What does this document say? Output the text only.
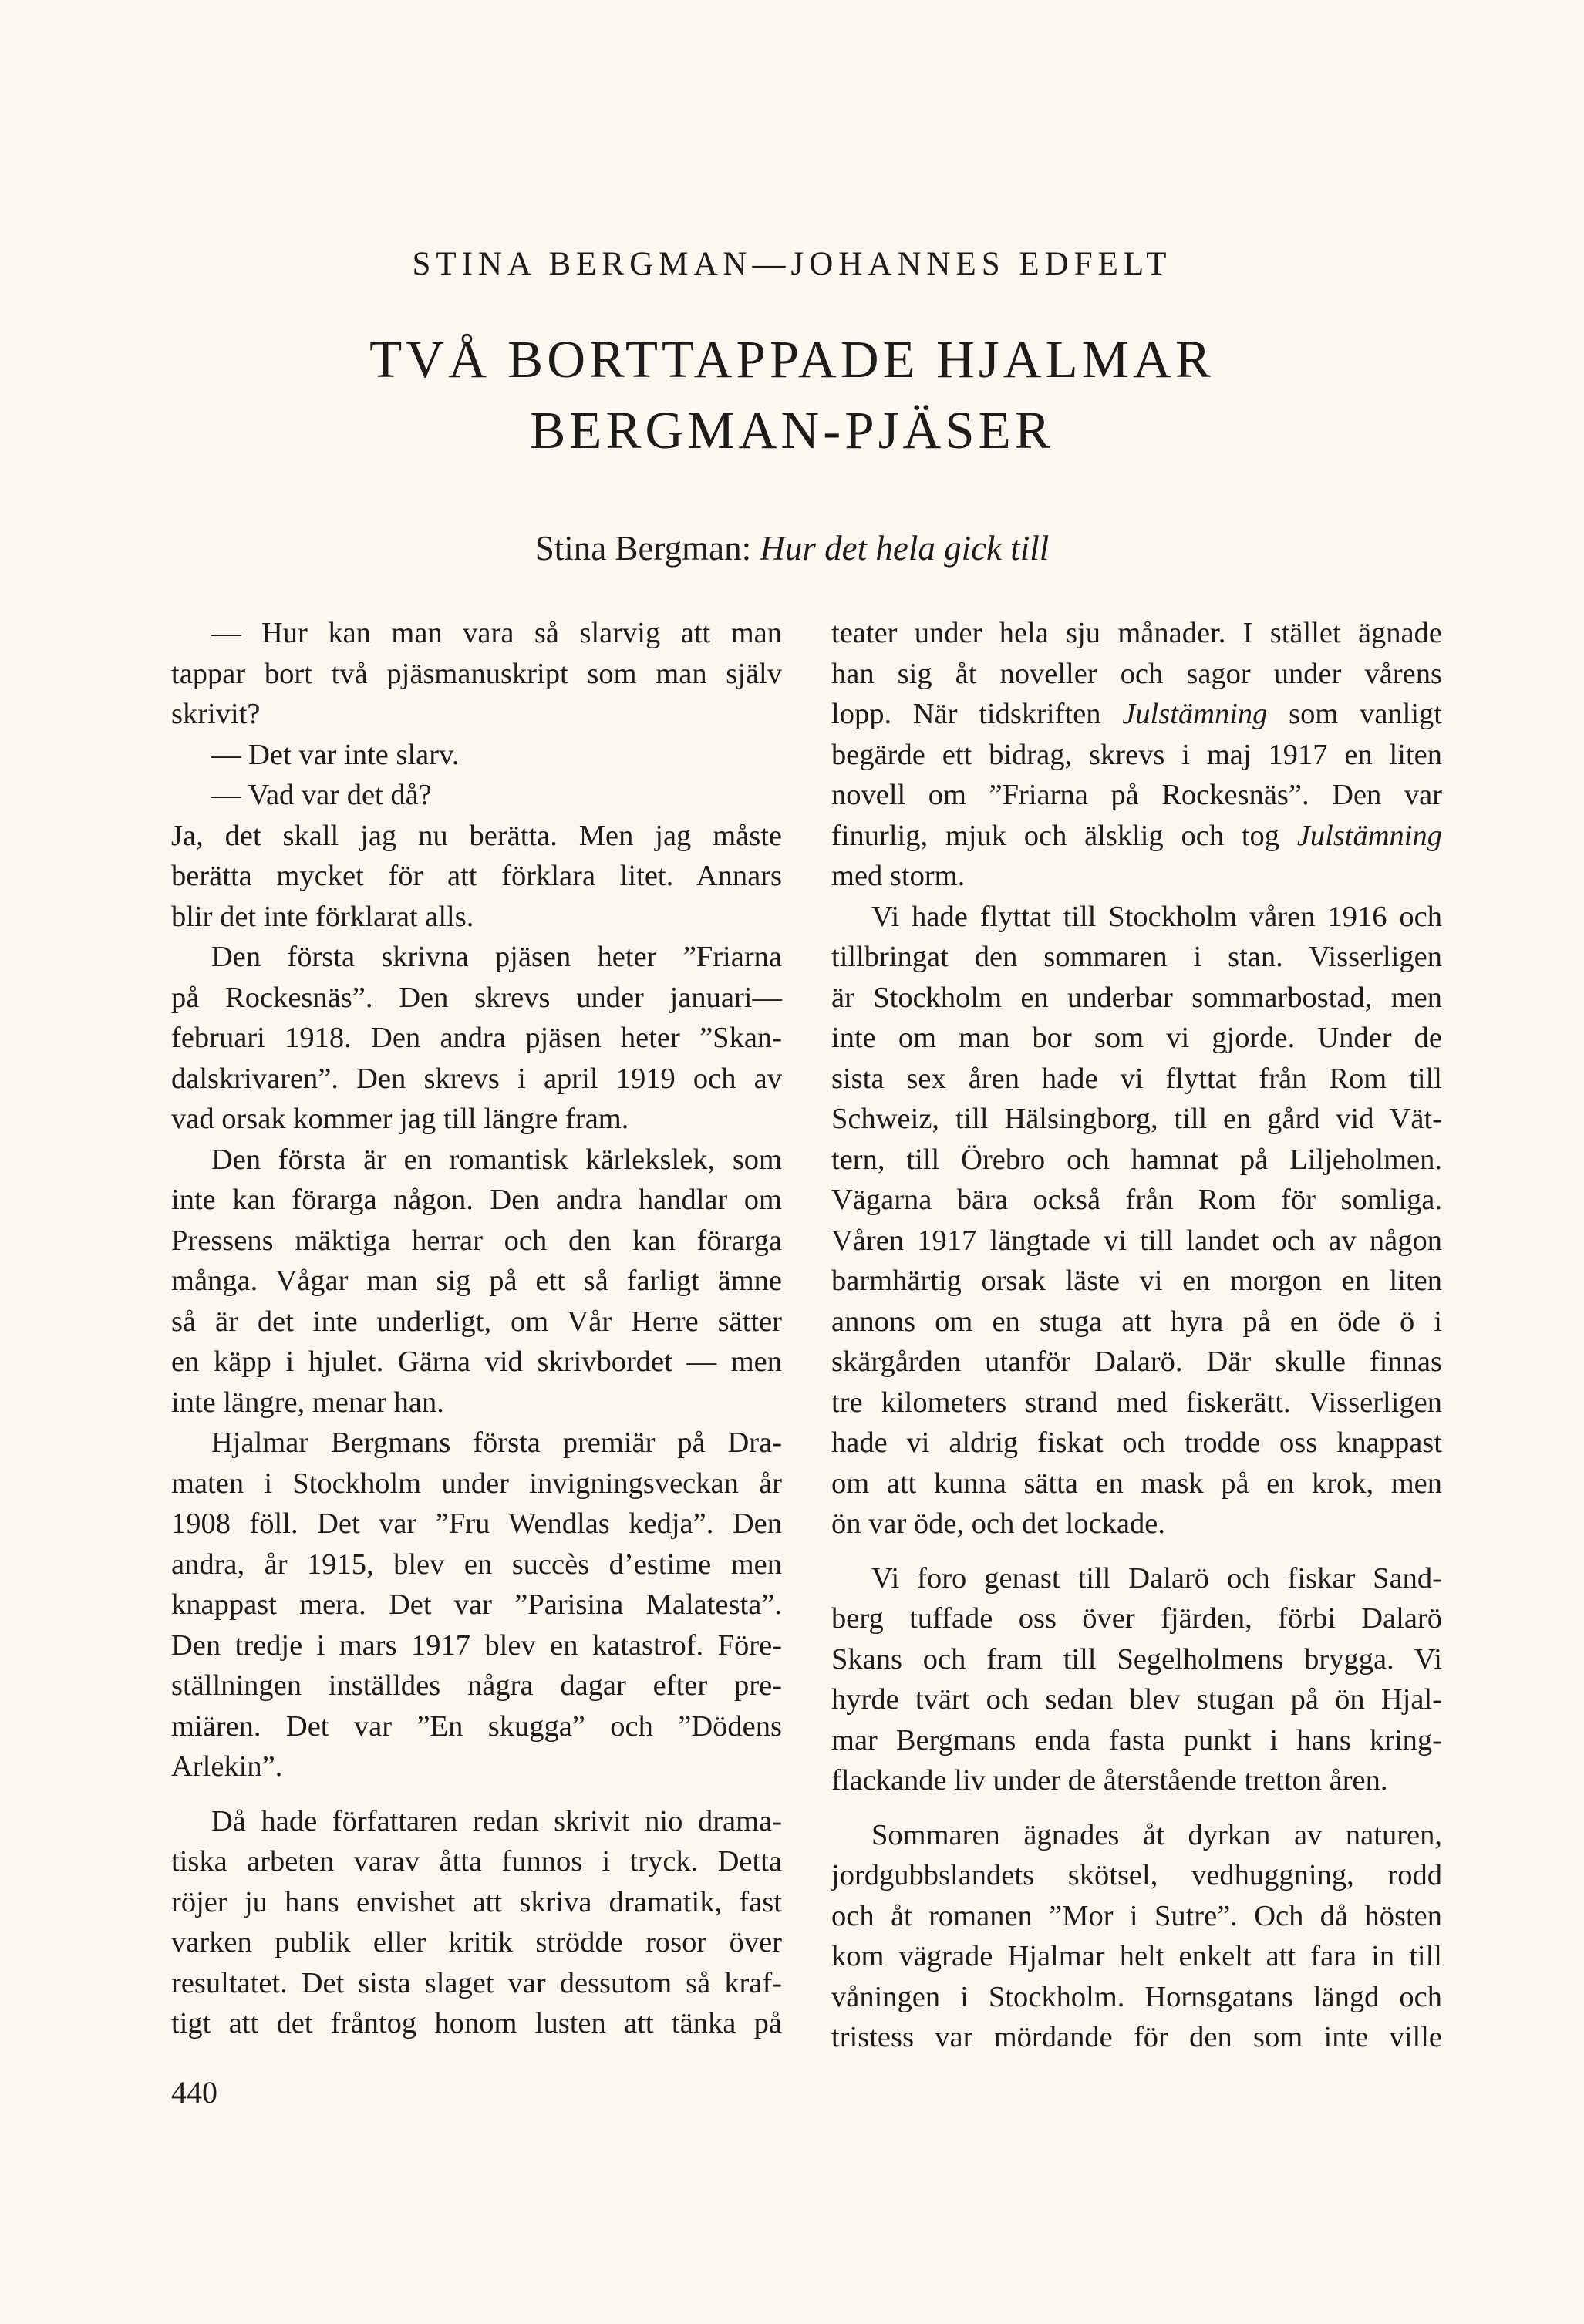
STINA BERGMAN—JOHANNES EDFELT
TVÅ BORTTAPPADE HJALMAR
BERGMAN-PJÄSER
Stina Bergman: Hur det hela gick till
— Hur kan man vara så slarvig att man
tappar bort två pjäsmanuskript som man själv
skrivit?
— Det var inte slarv.
— Vad var det då?
Ja, det skall jag nu berätta. Men jag måste
berätta mycket för att förklara litet. Annars
blir det inte förklarat alls.
Den första skrivna pjäsen heter ”Friarna
på Rockesnäs”. Den skrevs under januari—
februari 1918. Den andra pjäsen heter ”Skan-
dalskrivaren”. Den skrevs i april 1919 och av
vad orsak kommer jag till längre fram.
Den första är en romantisk kärlekslek, som
inte kan förarga någon. Den andra handlar om
Pressens mäktiga herrar och den kan förarga
många. Vågar man sig på ett så farligt ämne
så är det inte underligt, om Vår Herre sätter
en käpp i hjulet. Gärna vid skrivbordet — men
inte längre, menar han.
Hjalmar Bergmans första premiär på Dra-
maten i Stockholm under invigningsveckan år
1908 föll. Det var ”Fru Wendlas kedja”. Den
andra, år 1915, blev en succès d’estime men
knappast mera. Det var ”Parisina Malatesta”.
Den tredje i mars 1917 blev en katastrof. Före-
ställningen inställdes några dagar efter pre-
miären. Det var ”En skugga” och ”Dödens
Arlekin”.
Då hade författaren redan skrivit nio drama-
tiska arbeten varav åtta funnos i tryck. Detta
röjer ju hans envishet att skriva dramatik, fast
varken publik eller kritik strödde rosor över
resultatet. Det sista slaget var dessutom så kraf-
tigt att det fråntog honom lusten att tänka på
teater under hela sju månader. I stället ägnade
han sig åt noveller och sagor under vårens
lopp. När tidskriften Julstämning som vanligt
begärde ett bidrag, skrevs i maj 1917 en liten
novell om ”Friarna på Rockesnäs”. Den var
finurlig, mjuk och älsklig och tog Julstämning
med storm.
Vi hade flyttat till Stockholm våren 1916 och
tillbringat den sommaren i stan. Visserligen
är Stockholm en underbar sommarbostad, men
inte om man bor som vi gjorde. Under de
sista sex åren hade vi flyttat från Rom till
Schweiz, till Hälsingborg, till en gård vid Vät-
tern, till Örebro och hamnat på Liljeholmen.
Vägarna bära också från Rom för somliga.
Våren 1917 längtade vi till landet och av någon
barmhärtig orsak läste vi en morgon en liten
annons om en stuga att hyra på en öde ö i
skärgården utanför Dalarö. Där skulle finnas
tre kilometers strand med fiskerätt. Visserligen
hade vi aldrig fiskat och trodde oss knappast
om att kunna sätta en mask på en krok, men
ön var öde, och det lockade.
Vi foro genast till Dalarö och fiskar Sand-
berg tuffade oss över fjärden, förbi Dalarö
Skans och fram till Segelholmens brygga. Vi
hyrde tvärt och sedan blev stugan på ön Hjal-
mar Bergmans enda fasta punkt i hans kring-
flackande liv under de återstående tretton åren.
Sommaren ägnades åt dyrkan av naturen,
jordgubbslandets skötsel, vedhuggning, rodd
och åt romanen ”Mor i Sutre”. Och då hösten
kom vägrade Hjalmar helt enkelt att fara in till
våningen i Stockholm. Hornsgatans längd och
tristess var mördande för den som inte ville

440
